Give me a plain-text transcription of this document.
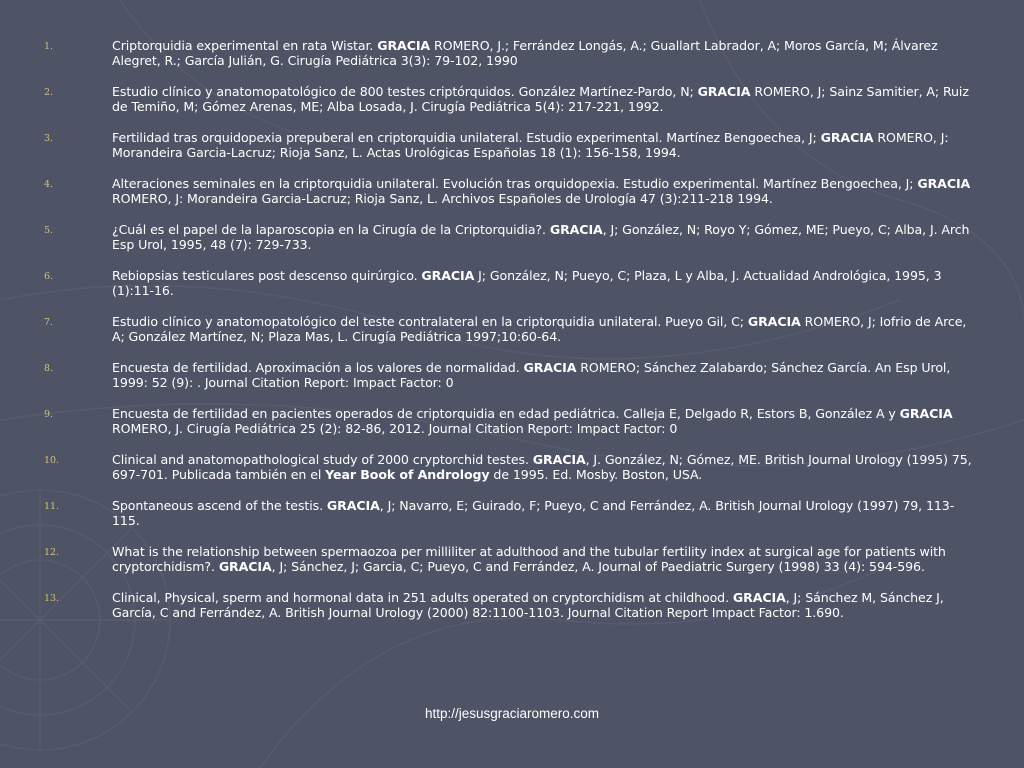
1.	Criptorquidia experimental en rata Wistar. GRACIA ROMERO, J.; Ferrández Longás, A.; Guallart Labrador, A; Moros García, M; Álvarez Alegret, R.; García Julián, G. Cirugía Pediátrica 3(3): 79-102, 1990
2.	Estudio clínico y anatomopatológico de 800 testes criptórquidos. González Martínez-Pardo, N; GRACIA ROMERO, J; Sainz Samitier, A; Ruiz de Temiño, M; Gómez Arenas, ME; Alba Losada, J. Cirugía Pediátrica 5(4): 217-221, 1992.
3.	Fertilidad tras orquidopexia prepuberal en criptorquidia unilateral. Estudio experimental. Martínez Bengoechea, J; GRACIA ROMERO, J: Morandeira Garcia-Lacruz; Rioja Sanz, L. Actas Urológicas Españolas 18 (1): 156-158, 1994.
4.	Alteraciones seminales en la criptorquidia unilateral. Evolución tras orquidopexia. Estudio experimental. Martínez Bengoechea, J; GRACIA ROMERO, J: Morandeira Garcia-Lacruz; Rioja Sanz, L. Archivos Españoles de Urología 47 (3):211-218 1994.
5.	¿Cuál es el papel de la laparoscopia en la Cirugía de la Criptorquidia?. GRACIA, J; González, N; Royo Y; Gómez, ME; Pueyo, C; Alba, J. Arch Esp Urol, 1995, 48 (7): 729-733.
6.	Rebiopsias testiculares post descenso quirúrgico. GRACIA J; González, N; Pueyo, C; Plaza, L y Alba, J. Actualidad Andrológica, 1995, 3 (1):11-16.
7.	Estudio clínico y anatomopatológico del teste contralateral en la criptorquidia unilateral. Pueyo Gil, C; GRACIA ROMERO, J; Iofrio de Arce, A; González Martínez, N; Plaza Mas, L. Cirugía Pediátrica 1997;10:60-64.
8.	Encuesta de fertilidad. Aproximación a los valores de normalidad. GRACIA ROMERO; Sánchez Zalabardo; Sánchez García. An Esp Urol, 1999: 52 (9): . Journal Citation Report: Impact Factor: 0
9.	Encuesta de fertilidad en pacientes operados de criptorquidia en edad pediátrica. Calleja E, Delgado R, Estors B, González A y GRACIA ROMERO, J. Cirugía Pediátrica 25 (2): 82-86, 2012. Journal Citation Report: Impact Factor: 0
10.	Clinical and anatomopathological study of 2000 cryptorchid testes. GRACIA, J. González, N; Gómez, ME. British Journal Urology (1995) 75, 697-701. Publicada también en el Year Book of Andrology de 1995. Ed. Mosby. Boston, USA.
11.	Spontaneous ascend of the testis. GRACIA, J; Navarro, E; Guirado, F; Pueyo, C and Ferrández, A. British Journal Urology (1997) 79, 113-115.
12.	What is the relationship between spermaozoa per milliliter at adulthood and the tubular fertility index at surgical age for patients with cryptorchidism?. GRACIA, J; Sánchez, J; Garcia, C; Pueyo, C and Ferrández, A. Journal of Paediatric Surgery (1998) 33 (4): 594-596.
13.	Clinical, Physical, sperm and hormonal data in 251 adults operated on cryptorchidism at childhood. GRACIA, J; Sánchez M, Sánchez J, García, C and Ferrández, A. British Journal Urology (2000) 82:1100-1103. Journal Citation Report Impact Factor: 1.690.
http://jesusgraciaromero.com
